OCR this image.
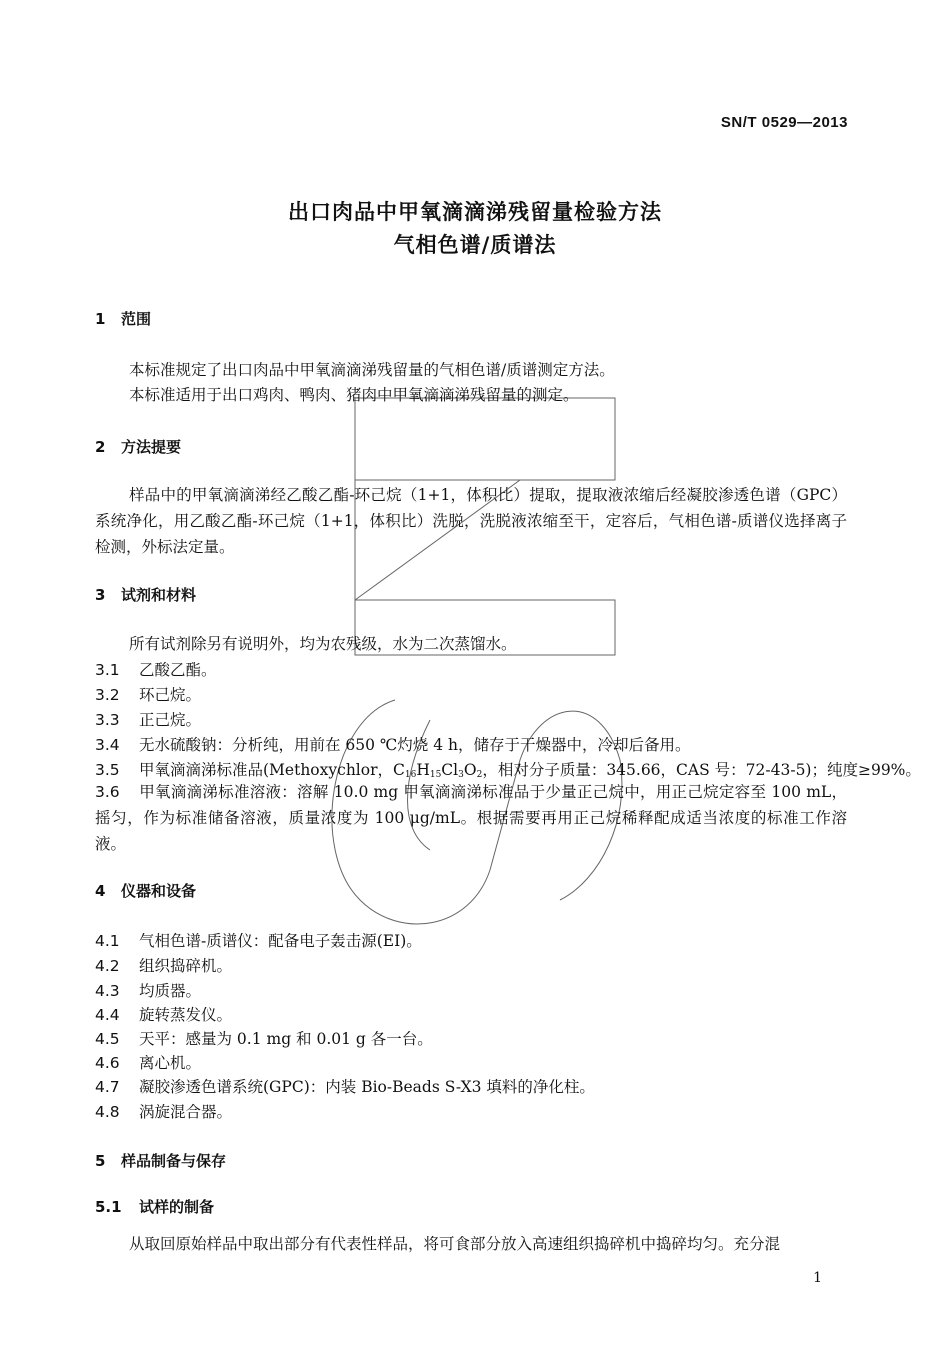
SN/T 0529—2013
出口肉品中甲氧滴滴涕残留量检验方法
气相色谱/质谱法
1 范围
本标准规定了出口肉品中甲氧滴滴涕残留量的气相色谱/质谱测定方法。
本标准适用于出口鸡肉、鸭肉、猪肉中甲氧滴滴涕残留量的测定。
2 方法提要
样品中的甲氧滴滴涕经乙酸乙酯-环己烷（1+1，体积比）提取，提取液浓缩后经凝胶渗透色谱（GPC）系统净化，用乙酸乙酯-环己烷（1+1，体积比）洗脱，洗脱液浓缩至干，定容后，气相色谱-质谱仪选择离子检测，外标法定量。
3 试剂和材料
所有试剂除另有说明外，均为农残级，水为二次蒸馏水。
3.1 乙酸乙酯。
3.2 环己烷。
3.3 正己烷。
3.4 无水硫酸钠：分析纯，用前在 650 ℃灼烧 4 h，储存于干燥器中，冷却后备用。
3.5 甲氧滴滴涕标准品(Methoxychlor，$C_{16}H_{15}Cl_3O_2$，相对分子质量：345.66，CAS 号：72-43-5)；纯度≥99%。
3.6 甲氧滴滴涕标准溶液：溶解 10.0 mg 甲氧滴滴涕标准品于少量正己烷中，用正己烷定容至 100 mL，摇匀，作为标准储备溶液，质量浓度为 100 μg/mL。根据需要再用正己烷稀释配成适当浓度的标准工作溶液。
4 仪器和设备
4.1 气相色谱-质谱仪：配备电子轰击源(EI)。
4.2 组织捣碎机。
4.3 均质器。
4.4 旋转蒸发仪。
4.5 天平：感量为 0.1 mg 和 0.01 g 各一台。
4.6 离心机。
4.7 凝胶渗透色谱系统(GPC)：内装 Bio-Beads S-X3 填料的净化柱。
4.8 涡旋混合器。
5 样品制备与保存
5.1 试样的制备
从取回原始样品中取出部分有代表性样品，将可食部分放入高速组织捣碎机中捣碎均匀。充分混
1
